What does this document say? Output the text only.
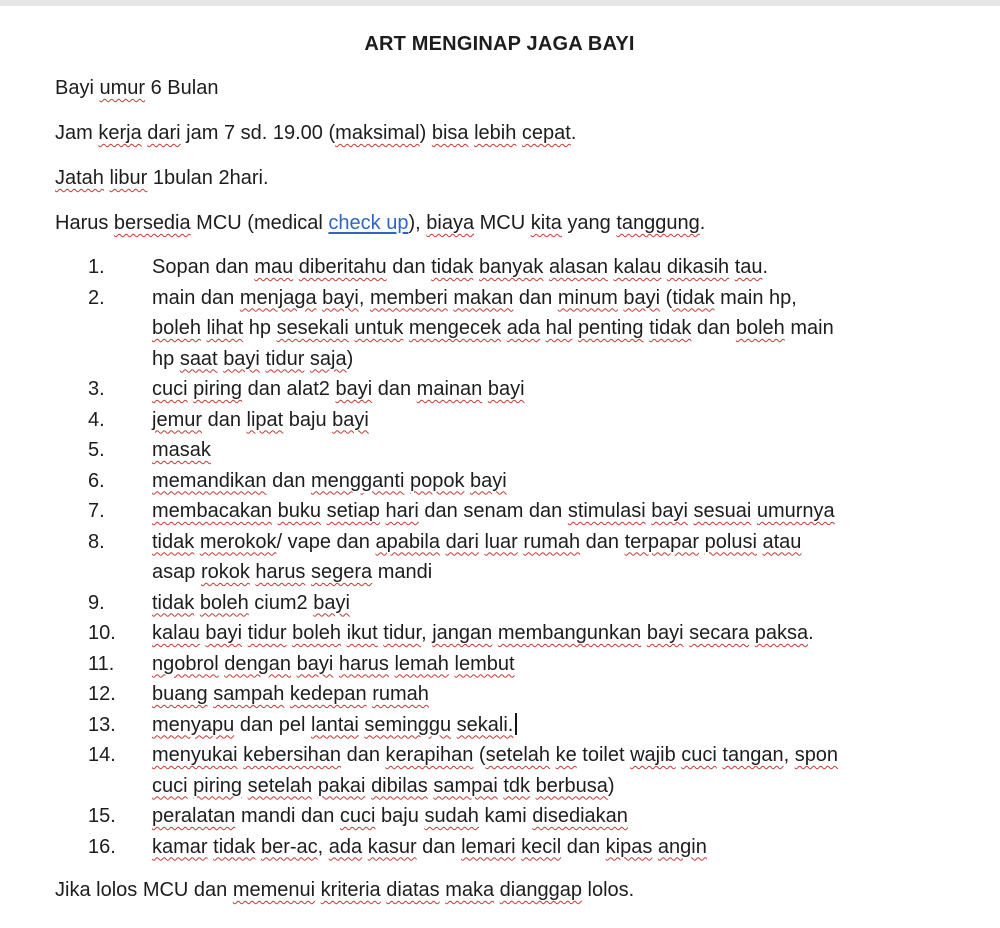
ART MENGINAP JAGA BAYI

Bayi umur 6 Bulan

Jam kerja dari jam 7 sd. 19.00 (maksimal) bisa lebih cepat.

Jatah libur 1bulan 2hari.

Harus bersedia MCU (medical check up), biaya MCU kita yang tanggung.

1.	Sopan dan mau diberitahu dan tidak banyak alasan kalau dikasih tau.
2.	main dan menjaga bayi, memberi makan dan minum bayi (tidak main hp,
boleh lihat hp sesekali untuk mengecek ada hal penting tidak dan boleh main
hp saat bayi tidur saja)
3.	cuci piring dan alat2 bayi dan mainan bayi
4.	jemur dan lipat baju bayi
5.	masak
6.	memandikan dan mengganti popok bayi
7.	membacakan buku setiap hari dan senam dan stimulasi bayi sesuai umurnya
8.	tidak merokok/ vape dan apabila dari luar rumah dan terpapar polusi atau
asap rokok harus segera mandi
9.	tidak boleh cium2 bayi
10.	kalau bayi tidur boleh ikut tidur, jangan membangunkan bayi secara paksa.
11.	ngobrol dengan bayi harus lemah lembut
12.	buang sampah kedepan rumah
13.	menyapu dan pel lantai seminggu sekali.
14.	menyukai kebersihan dan kerapihan (setelah ke toilet wajib cuci tangan, spon
cuci piring setelah pakai dibilas sampai tdk berbusa)
15.	peralatan mandi dan cuci baju sudah kami disediakan
16.	kamar tidak ber-ac, ada kasur dan lemari kecil dan kipas angin

Jika lolos MCU dan memenui kriteria diatas maka dianggap lolos.
